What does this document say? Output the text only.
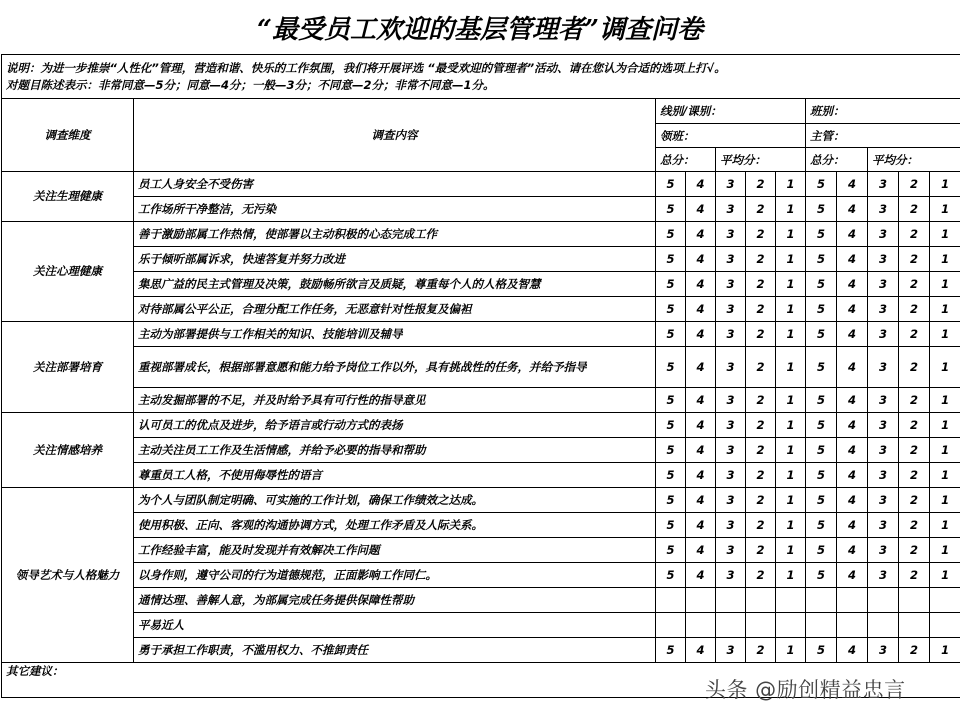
“最受员工欢迎的基层管理者”调查问卷
说明：为进一步推崇“人性化”管理，营造和谐、快乐的工作氛围，我们将开展评选 “最受欢迎的管理者”活动、请在您认为合适的选项上打√。
对题目陈述表示：非常同意—5分；同意—4分；一般—3分；不同意—2分；非常不同意—1分。											

调查维度	调查内容	线别/课别：					班别：				
		领班：					主管：				
		总分：		平均分：			总分：		平均分：		
关注生理健康	员工人身安全不受伤害	5	4	3	2	1	5	4	3	2	1
	工作场所干净整洁，无污染	5	4	3	2	1	5	4	3	2	1
关注心理健康	善于激励部属工作热情，使部署以主动积极的心态完成工作	5	4	3	2	1	5	4	3	2	1
	乐于倾听部属诉求，快速答复并努力改进	5	4	3	2	1	5	4	3	2	1
	集思广益的民主式管理及决策，鼓励畅所欲言及质疑，尊重每个人的人格及智慧	5	4	3	2	1	5	4	3	2	1
	对待部属公平公正，合理分配工作任务，无恶意针对性报复及偏袒	5	4	3	2	1	5	4	3	2	1
关注部署培育	主动为部署提供与工作相关的知识、技能培训及辅导	5	4	3	2	1	5	4	3	2	1
	重视部署成长，根据部署意愿和能力给予岗位工作以外，具有挑战性的任务，并给予指导	5	4	3	2	1	5	4	3	2	1
	主动发掘部署的不足，并及时给予具有可行性的指导意见	5	4	3	2	1	5	4	3	2	1
关注情感培养	认可员工的优点及进步，给予语言或行动方式的表扬	5	4	3	2	1	5	4	3	2	1
	主动关注员工工作及生活情感，并给予必要的指导和帮助	5	4	3	2	1	5	4	3	2	1
	尊重员工人格，不使用侮辱性的语言	5	4	3	2	1	5	4	3	2	1
领导艺术与人格魅力	为个人与团队制定明确、可实施的工作计划，确保工作绩效之达成。	5	4	3	2	1	5	4	3	2	1
	使用积极、正向、客观的沟通协调方式，处理工作矛盾及人际关系。	5	4	3	2	1	5	4	3	2	1
	工作经验丰富，能及时发现并有效解决工作问题	5	4	3	2	1	5	4	3	2	1
	以身作则，遵守公司的行为道德规范，正面影响工作同仁。	5	4	3	2	1	5	4	3	2	1
	通情达理、善解人意，为部属完成任务提供保障性帮助										
	平易近人										
	勇于承担工作职责，不滥用权力、不推卸责任	5	4	3	2	1	5	4	3	2	1
其它建议：											
头条 @励创精益忠言
